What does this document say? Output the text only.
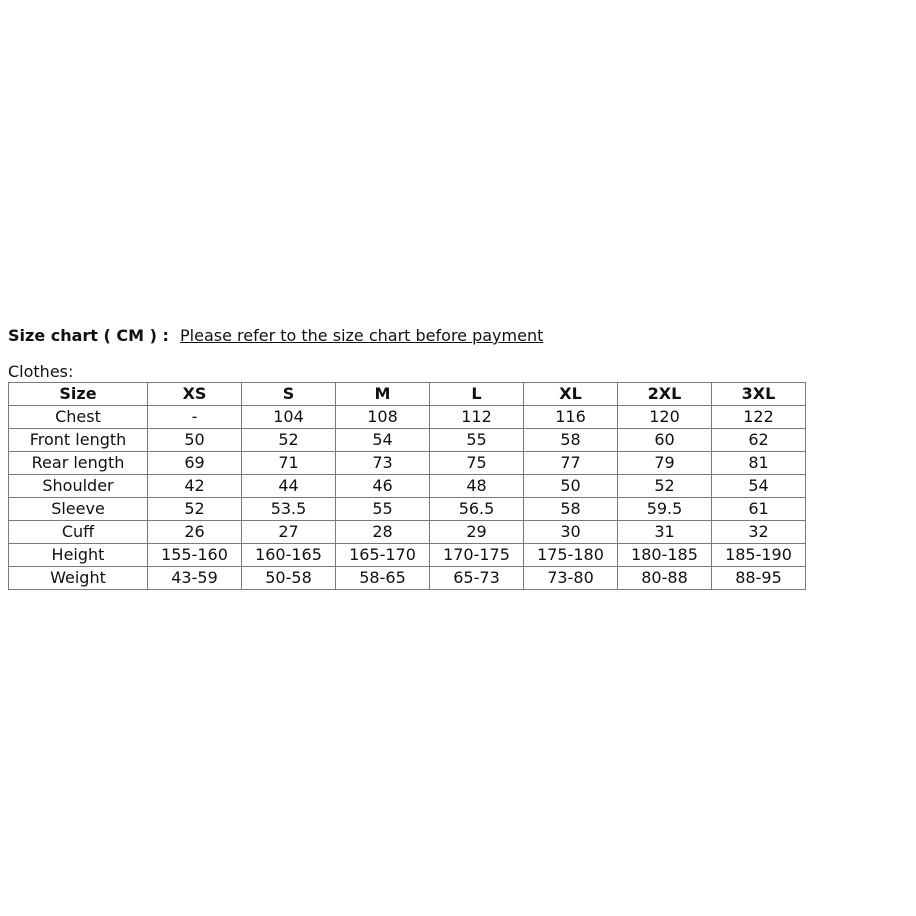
Size chart ( CM ) : Please refer to the size chart before payment
Clothes:
Size	XS	S	M	L	XL	2XL	3XL
Chest	-	104	108	112	116	120	122
Front length	50	52	54	55	58	60	62
Rear length	69	71	73	75	77	79	81
Shoulder	42	44	46	48	50	52	54
Sleeve	52	53.5	55	56.5	58	59.5	61
Cuff	26	27	28	29	30	31	32
Height	155-160	160-165	165-170	170-175	175-180	180-185	185-190
Weight	43-59	50-58	58-65	65-73	73-80	80-88	88-95
